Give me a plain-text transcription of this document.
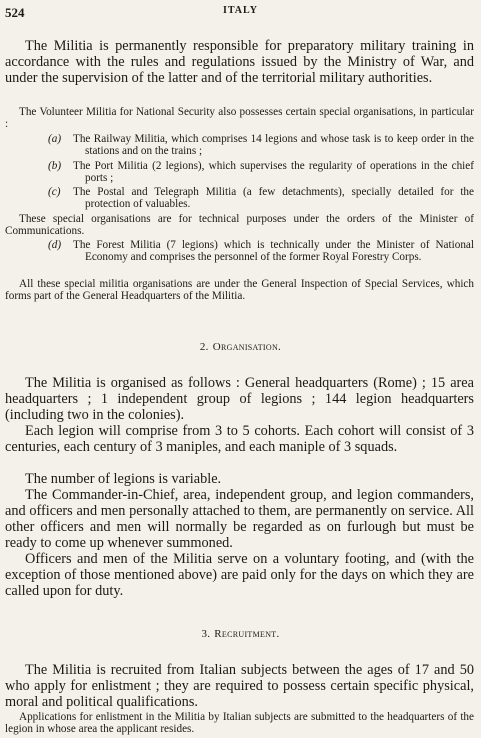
524	ITALY

The Militia is permanently responsible for preparatory military training in accordance with the rules and regulations issued by the Ministry of War, and under the supervision of the latter and of the territorial military authorities.

The Volunteer Militia for National Security also possesses certain special organisations, in particular :

(a) The Railway Militia, which comprises 14 legions and whose task is to keep order in the stations and on the trains ;
(b) The Port Militia (2 legions), which supervises the regularity of operations in the chief ports ;
(c) The Postal and Telegraph Militia (a few detachments), specially detailed for the protection of valuables.

These special organisations are for technical purposes under the orders of the Minister of Communications.

(d) The Forest Militia (7 legions) which is technically under the Minister of National Economy and comprises the personnel of the former Royal Forestry Corps.

All these special militia organisations are under the General Inspection of Special Services, which forms part of the General Headquarters of the Militia.

2. Organisation.

The Militia is organised as follows : General headquarters (Rome) ; 15 area headquarters ; 1 independent group of legions ; 144 legion headquarters (including two in the colonies).

Each legion will comprise from 3 to 5 cohorts. Each cohort will consist of 3 centuries, each century of 3 maniples, and each maniple of 3 squads.

The number of legions is variable.

The Commander-in-Chief, area, independent group, and legion commanders, and officers and men personally attached to them, are permanently on service. All other officers and men will normally be regarded as on furlough but must be ready to come up whenever summoned.

Officers and men of the Militia serve on a voluntary footing, and (with the exception of those mentioned above) are paid only for the days on which they are called upon for duty.

3. Recruitment.

The Militia is recruited from Italian subjects between the ages of 17 and 50 who apply for enlistment ; they are required to possess certain specific physical, moral and political qualifications.

Applications for enlistment in the Militia by Italian subjects are submitted to the headquarters of the legion in whose area the applicant resides.
